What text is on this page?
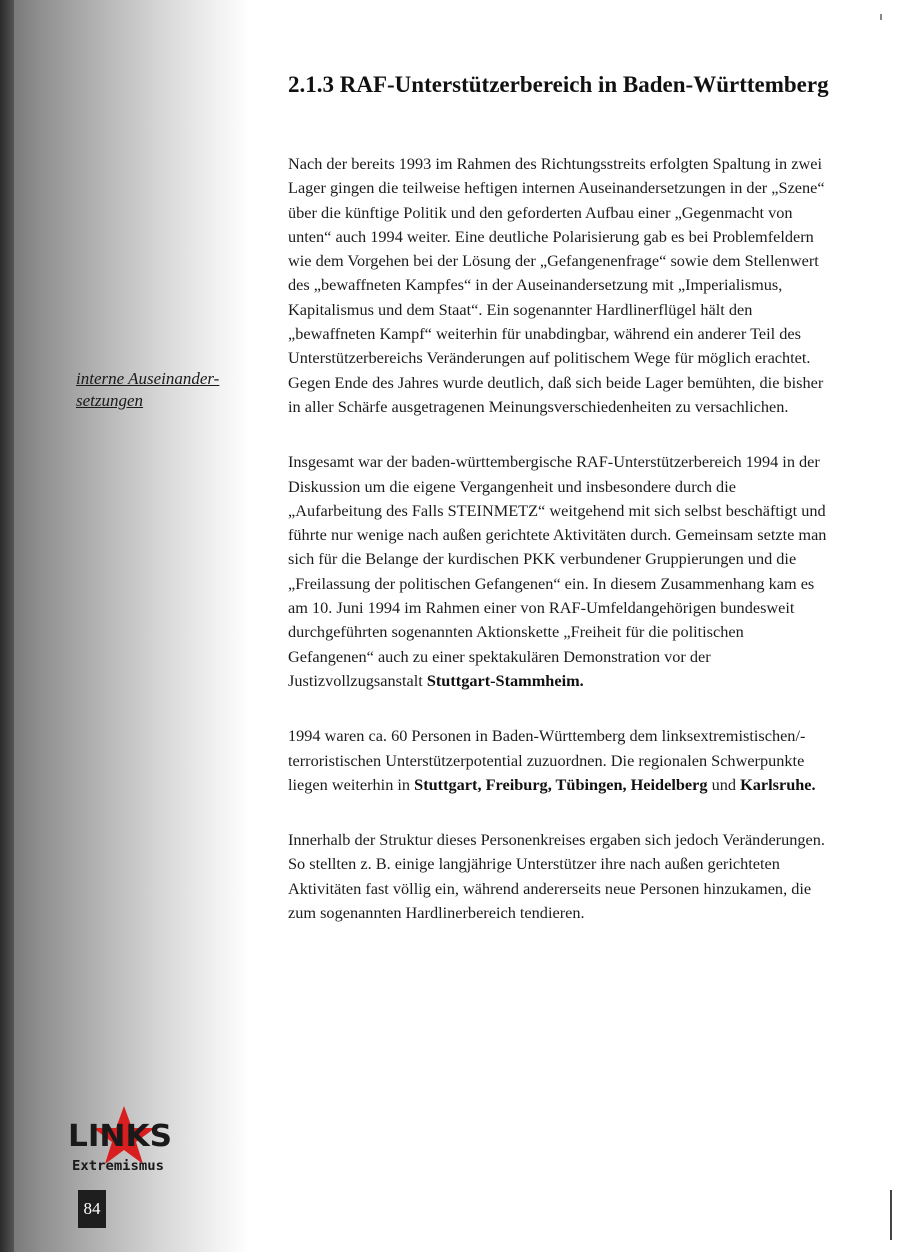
2.1.3 RAF-Unterstützerbereich in Baden-Württemberg
interne Auseinander-setzungen

Nach der bereits 1993 im Rahmen des Richtungsstreits erfolgten Spaltung in zwei Lager gingen die teilweise heftigen internen Auseinandersetzungen in der „Szene“ über die künftige Politik und den geforderten Aufbau einer „Gegenmacht von unten“ auch 1994 weiter. Eine deutliche Polarisierung gab es bei Problemfeldern wie dem Vorgehen bei der Lösung der „Gefangenenfrage“ sowie dem Stellenwert des „bewaffneten Kampfes“ in der Auseinandersetzung mit „Imperialismus, Kapitalismus und dem Staat“. Ein sogenannter Hardlinerflügel hält den „bewaffneten Kampf“ weiterhin für unabdingbar, während ein anderer Teil des Unterstützerbereichs Veränderungen auf politischem Wege für möglich erachtet. Gegen Ende des Jahres wurde deutlich, daß sich beide Lager bemühten, die bisher in aller Schärfe ausgetragenen Meinungsverschiedenheiten zu versachlichen.

Insgesamt war der baden-württembergische RAF-Unterstützerbereich 1994 in der Diskussion um die eigene Vergangenheit und insbesondere durch die „Aufarbeitung des Falls STEINMETZ“ weitgehend mit sich selbst beschäftigt und führte nur wenige nach außen gerichtete Aktivitäten durch. Gemeinsam setzte man sich für die Belange der kurdischen PKK verbundener Gruppierungen und die „Freilassung der politischen Gefangenen“ ein. In diesem Zusammenhang kam es am 10. Juni 1994 im Rahmen einer von RAF-Umfeldangehörigen bundesweit durchgeführten sogenannten Aktionskette „Freiheit für die politischen Gefangenen“ auch zu einer spektakulären Demonstration vor der Justizvollzugsanstalt Stuttgart-Stammheim.

1994 waren ca. 60 Personen in Baden-Württemberg dem linksextremistischen/-terroristischen Unterstützerpotential zuzuordnen. Die regionalen Schwerpunkte liegen weiterhin in Stuttgart, Freiburg, Tübingen, Heidelberg und Karlsruhe.

Innerhalb der Struktur dieses Personenkreises ergaben sich jedoch Veränderungen. So stellten z. B. einige langjährige Unterstützer ihre nach außen gerichteten Aktivitäten fast völlig ein, während andererseits neue Personen hinzukamen, die zum sogenannten Hardlinerbereich tendieren.

LINKS
Extremismus
84
